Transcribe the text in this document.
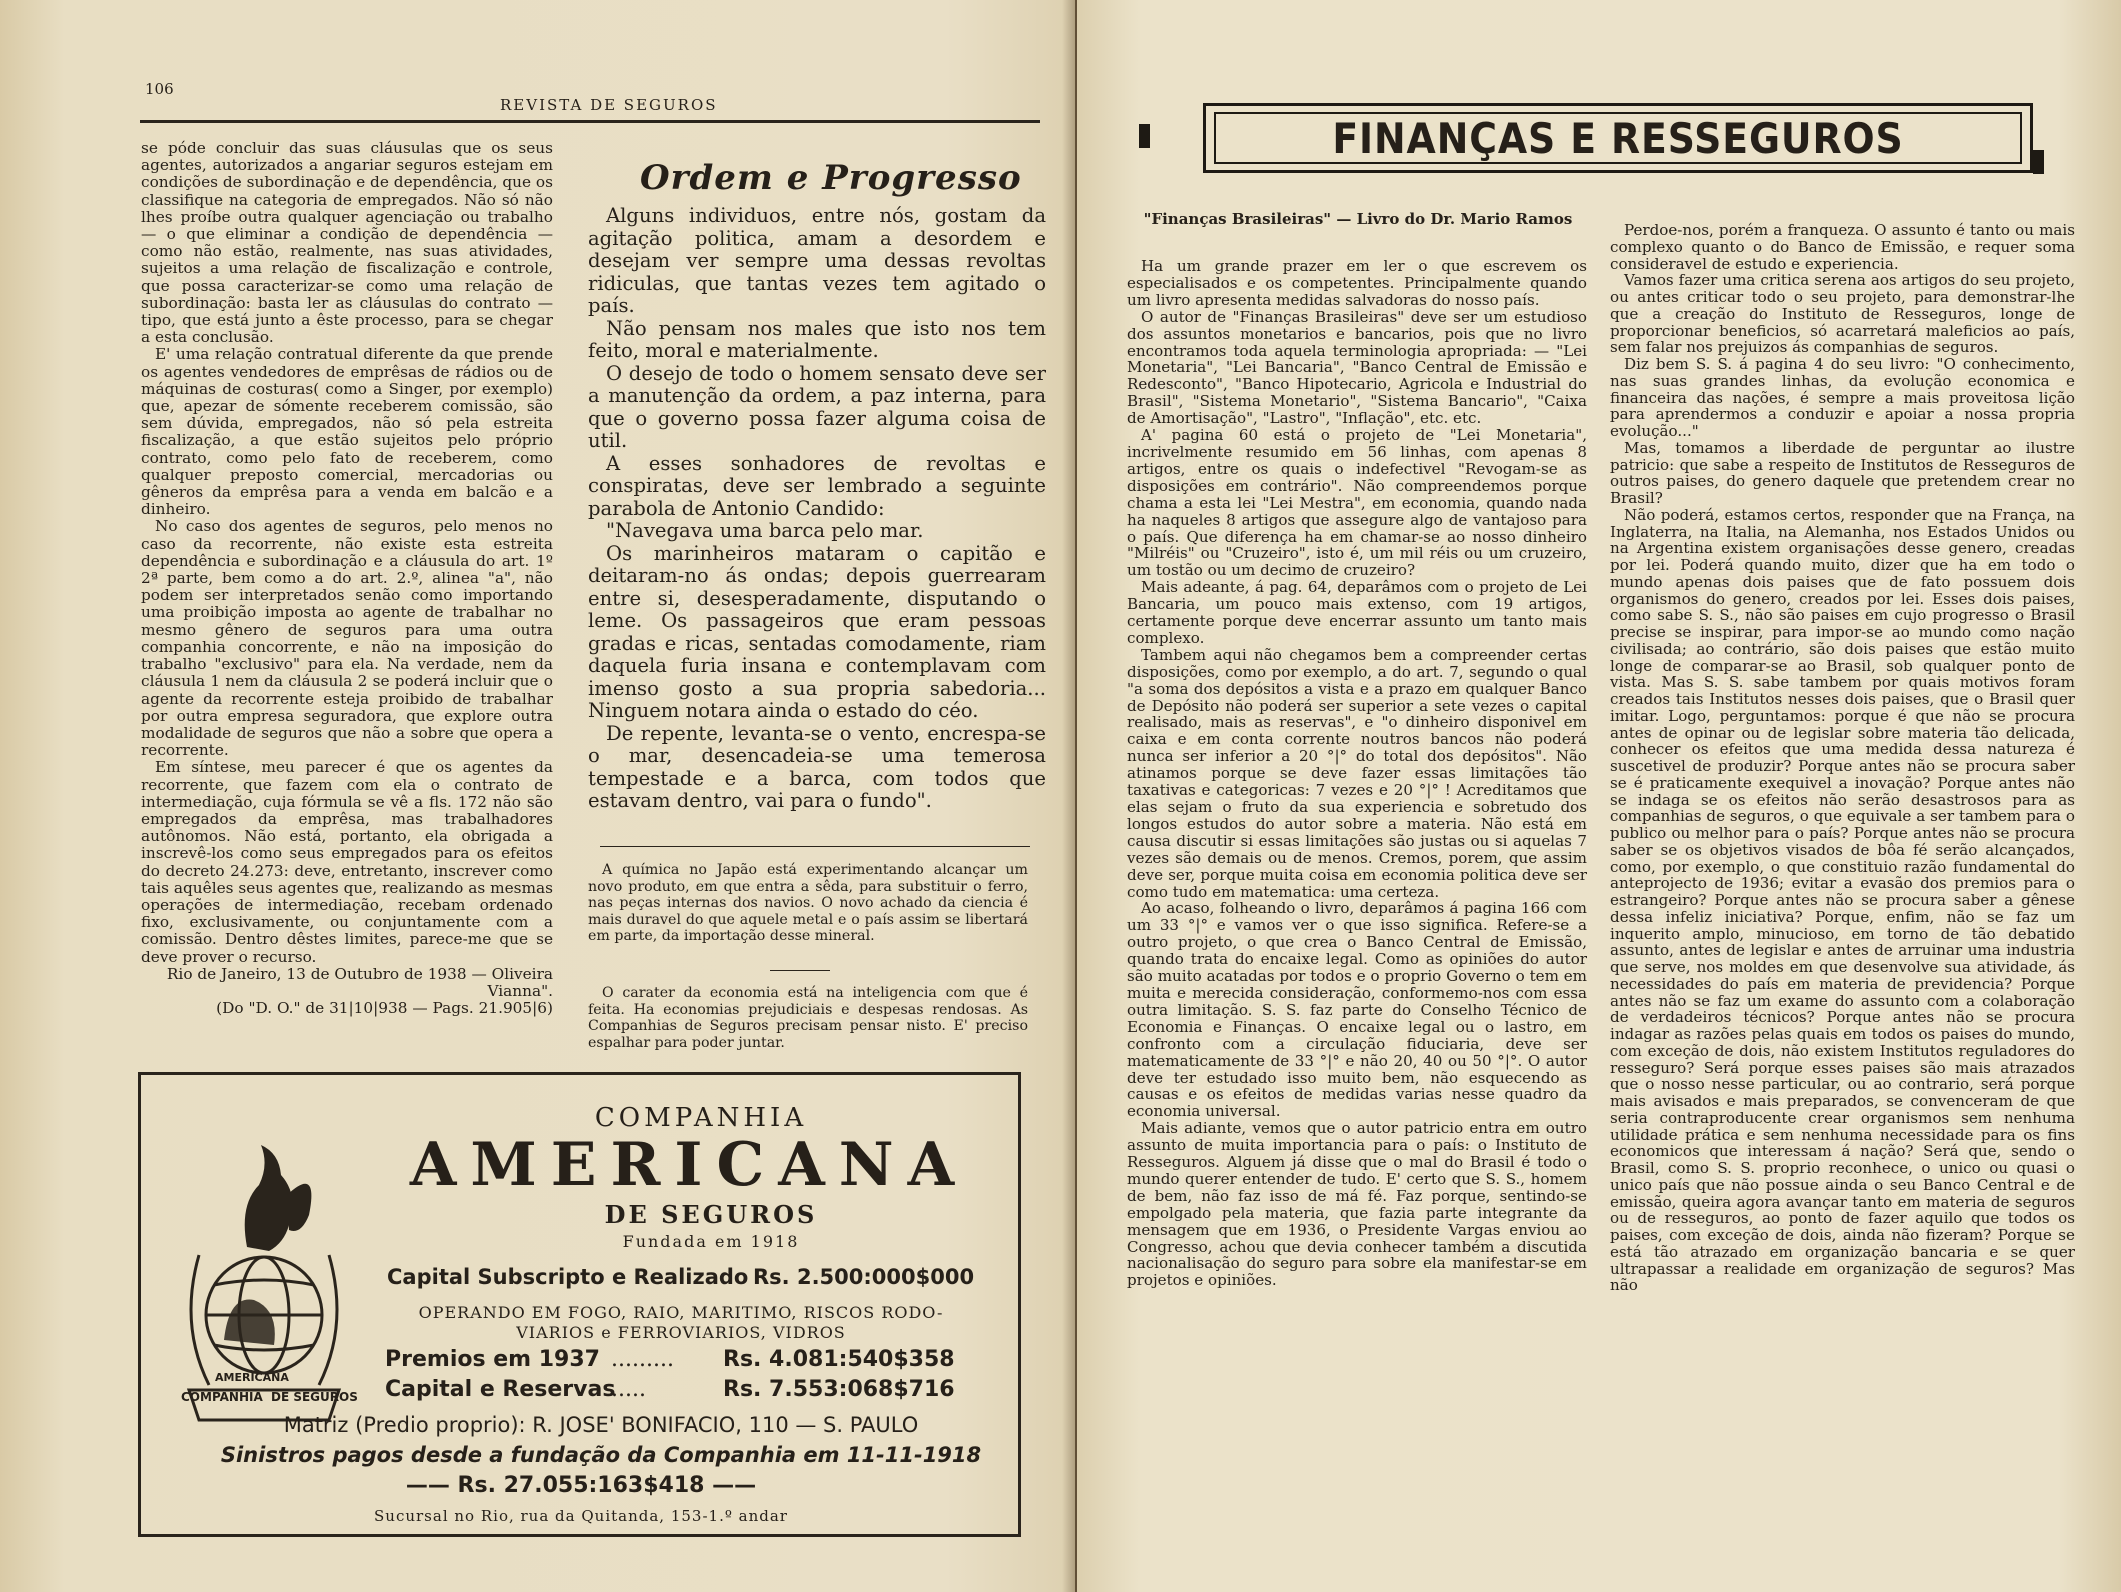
106
REVISTA DE SEGUROS

se póde concluir das suas cláusulas que os seus agentes, autorizados a angariar seguros estejam em condições de subordinação e de dependência, que os classifique na categoria de empregados. Não só não lhes proíbe outra qualquer agenciação ou trabalho — o que eliminar a condição de dependência — como não estão, realmente, nas suas atividades, sujeitos a uma relação de fiscalização e controle, que possa caracterizar-se como uma relação de subordinação: basta ler as cláusulas do contrato — tipo, que está junto a êste processo, para se chegar a esta conclusão.

E' uma relação contratual diferente da que prende os agentes vendedores de emprêsas de rádios ou de máquinas de costuras( como a Singer, por exemplo) que, apezar de sómente receberem comissão, são sem dúvida, empregados, não só pela estreita fiscalização, a que estão sujeitos pelo próprio contrato, como pelo fato de receberem, como qualquer preposto comercial, mercadorias ou gêneros da emprêsa para a venda em balcão e a dinheiro.

No caso dos agentes de seguros, pelo menos no caso da recorrente, não existe esta estreita dependência e subordinação e a cláusula do art. 1º 2ª parte, bem como a do art. 2.º, alinea "a", não podem ser interpretados senão como importando uma proibição imposta ao agente de trabalhar no mesmo gênero de seguros para uma outra companhia concorrente, e não na imposição do trabalho "exclusivo" para ela. Na verdade, nem da cláusula 1 nem da cláusula 2 se poderá incluir que o agente da recorrente esteja proibido de trabalhar por outra empresa seguradora, que explore outra modalidade de seguros que não a sobre que opera a recorrente.

Em síntese, meu parecer é que os agentes da recorrente, que fazem com ela o contrato de intermediação, cuja fórmula se vê a fls. 172 não são empregados da emprêsa, mas trabalhadores autônomos. Não está, portanto, ela obrigada a inscrevê-los como seus empregados para os efeitos do decreto 24.273: deve, entretanto, inscrever como tais aquêles seus agentes que, realizando as mesmas operações de intermediação, recebam ordenado fixo, exclusivamente, ou conjuntamente com a comissão. Dentro dêstes limites, parece-me que se deve prover o recurso.

Rio de Janeiro, 13 de Outubro de 1938 — Oliveira Vianna".

(Do "D. O." de 31|10|938 — Pags. 21.905|6)

Ordem e Progresso

Alguns individuos, entre nós, gostam da agitação politica, amam a desordem e desejam ver sempre uma dessas revoltas ridiculas, que tantas vezes tem agitado o país.

Não pensam nos males que isto nos tem feito, moral e materialmente.

O desejo de todo o homem sensato deve ser a manutenção da ordem, a paz interna, para que o governo possa fazer alguma coisa de util.

A esses sonhadores de revoltas e conspiratas, deve ser lembrado a seguinte parabola de Antonio Candido:

"Navegava uma barca pelo mar.

Os marinheiros mataram o capitão e deitaram-no ás ondas; depois guerrearam entre si, desesperadamente, disputando o leme. Os passageiros que eram pessoas gradas e ricas, sentadas comodamente, riam daquela furia insana e contemplavam com imenso gosto a sua propria sabedoria... Ninguem notara ainda o estado do céo.

De repente, levanta-se o vento, encrespa-se o mar, desencadeia-se uma temerosa tempestade e a barca, com todos que estavam dentro, vai para o fundo".

A química no Japão está experimentando alcançar um novo produto, em que entra a sêda, para substituir o ferro, nas peças internas dos navios. O novo achado da ciencia é mais duravel do que aquele metal e o país assim se libertará em parte, da importação desse mineral.

O carater da economia está na inteligencia com que é feita. Ha economias prejudiciais e despesas rendosas. As Companhias de Seguros precisam pensar nisto. E' preciso espalhar para poder juntar.

COMPANHIA DE SEGUROS
AMERICANA
COMPANHIA
AMERICANA
DE SEGUROS
Fundada em 1918
Capital Subscripto e Realizado Rs. 2.500:000$000
OPERANDO EM FOGO, RAIO, MARITIMO, RISCOS RODO-
VIARIOS e FERROVIARIOS, VIDROS
Premios em 1937 ......... Rs. 4.081:540$358
Capital e Reservas
.....	Rs. 7.553:068$716
Matriz (Predio proprio): R. JOSE' BONIFACIO, 110 — S. PAULO
Sinistros pagos desde a fundação da Companhia em 11-11-1918
—— Rs. 27.055:163$418 ——
Sucursal no Rio, rua da Quitanda, 153-1.º andar
FINANÇAS E RESSEGUROS
"Finanças Brasileiras" — Livro do Dr. Mario Ramos

Ha um grande prazer em ler o que escrevem os especialisados e os competentes. Principalmente quando um livro apresenta medidas salvadoras do nosso país.

O autor de "Finanças Brasileiras" deve ser um estudioso dos assuntos monetarios e bancarios, pois que no livro encontramos toda aquela terminologia apropriada: — "Lei Monetaria", "Lei Bancaria", "Banco Central de Emissão e Redesconto", "Banco Hipotecario, Agricola e Industrial do Brasil", "Sistema Monetario", "Sistema Bancario", "Caixa de Amortisação", "Lastro", "Inflação", etc. etc.

A' pagina 60 está o projeto de "Lei Monetaria", incrivelmente resumido em 56 linhas, com apenas 8 artigos, entre os quais o indefectivel "Revogam-se as disposições em contrário". Não compreendemos porque chama a esta lei "Lei Mestra", em economia, quando nada ha naqueles 8 artigos que assegure algo de vantajoso para o país. Que diferença ha em chamar-se ao nosso dinheiro "Milréis" ou "Cruzeiro", isto é, um mil réis ou um cruzeiro, um tostão ou um decimo de cruzeiro?

Mais adeante, á pag. 64, deparâmos com o projeto de Lei Bancaria, um pouco mais extenso, com 19 artigos, certamente porque deve encerrar assunto um tanto mais complexo.

Tambem aqui não chegamos bem a compreender certas disposições, como por exemplo, a do art. 7, segundo o qual "a soma dos depósitos a vista e a prazo em qualquer Banco de Depósito não poderá ser superior a sete vezes o capital realisado, mais as reservas", e "o dinheiro disponivel em caixa e em conta corrente noutros bancos não poderá nunca ser inferior a 20 °|° do total dos depósitos". Não atinamos porque se deve fazer essas limitações tão taxativas e categoricas: 7 vezes e 20 °|° ! Acreditamos que elas sejam o fruto da sua experiencia e sobretudo dos longos estudos do autor sobre a materia. Não está em causa discutir si essas limitações são justas ou si aquelas 7 vezes são demais ou de menos. Cremos, porem, que assim deve ser, porque muita coisa em economia politica deve ser como tudo em matematica: uma certeza.

Ao acaso, folheando o livro, deparâmos á pagina 166 com um 33 °|° e vamos ver o que isso significa. Refere-se a outro projeto, o que crea o Banco Central de Emissão, quando trata do encaixe legal. Como as opiniões do autor são muito acatadas por todos e o proprio Governo o tem em muita e merecida consideração, conformemo-nos com essa outra limitação. S. S. faz parte do Conselho Técnico de Economia e Finanças. O encaixe legal ou o lastro, em confronto com a circulação fiduciaria, deve ser matematicamente de 33 °|° e não 20, 40 ou 50 °|°. O autor deve ter estudado isso muito bem, não esquecendo as causas e os efeitos de medidas varias nesse quadro da economia universal.

Mais adiante, vemos que o autor patricio entra em outro assunto de muita importancia para o país: o Instituto de Resseguros. Alguem já disse que o mal do Brasil é todo o mundo querer entender de tudo. E' certo que S. S., homem de bem, não faz isso de má fé. Faz porque, sentindo-se empolgado pela materia, que fazia parte integrante da mensagem que em 1936, o Presidente Vargas enviou ao Congresso, achou que devia conhecer também a discutida nacionalisação do seguro para sobre ela manifestar-se em projetos e opiniões.

Perdoe-nos, porém a franqueza. O assunto é tanto ou mais complexo quanto o do Banco de Emissão, e requer soma consideravel de estudo e experiencia.

Vamos fazer uma critica serena aos artigos do seu projeto, ou antes criticar todo o seu projeto, para demonstrar-lhe que a creação do Instituto de Resseguros, longe de proporcionar beneficios, só acarretará maleficios ao país, sem falar nos prejuizos ás companhias de seguros.

Diz bem S. S. á pagina 4 do seu livro: "O conhecimento, nas suas grandes linhas, da evolução economica e financeira das nações, é sempre a mais proveitosa lição para aprendermos a conduzir e apoiar a nossa propria evolução..."

Mas, tomamos a liberdade de perguntar ao ilustre patricio: que sabe a respeito de Institutos de Resseguros de outros paises, do genero daquele que pretendem crear no Brasil?

Não poderá, estamos certos, responder que na França, na Inglaterra, na Italia, na Alemanha, nos Estados Unidos ou na Argentina existem organisações desse genero, creadas por lei. Poderá quando muito, dizer que ha em todo o mundo apenas dois paises que de fato possuem dois organismos do genero, creados por lei. Esses dois paises, como sabe S. S., não são paises em cujo progresso o Brasil precise se inspirar, para impor-se ao mundo como nação civilisada; ao contrário, são dois paises que estão muito longe de comparar-se ao Brasil, sob qualquer ponto de vista. Mas S. S. sabe tambem por quais motivos foram creados tais Institutos nesses dois paises, que o Brasil quer imitar. Logo, perguntamos: porque é que não se procura antes de opinar ou de legislar sobre materia tão delicada, conhecer os efeitos que uma medida dessa natureza é suscetivel de produzir? Porque antes não se procura saber se é praticamente exequivel a inovação? Porque antes não se indaga se os efeitos não serão desastrosos para as companhias de seguros, o que equivale a ser tambem para o publico ou melhor para o país? Porque antes não se procura saber se os objetivos visados de bôa fé serão alcançados, como, por exemplo, o que constituio razão fundamental do anteprojecto de 1936; evitar a evasão dos premios para o estrangeiro? Porque antes não se procura saber a gênese dessa infeliz iniciativa? Porque, enfim, não se faz um inquerito amplo, minucioso, em torno de tão debatido assunto, antes de legislar e antes de arruinar uma industria que serve, nos moldes em que desenvolve sua atividade, ás necessidades do país em materia de previdencia? Porque antes não se faz um exame do assunto com a colaboração de verdadeiros técnicos? Porque antes não se procura indagar as razões pelas quais em todos os paises do mundo, com exceção de dois, não existem Institutos reguladores do resseguro? Será porque esses paises são mais atrazados que o nosso nesse particular, ou ao contrario, será porque mais avisados e mais preparados, se convenceram de que seria contraproducente crear organismos sem nenhuma utilidade prática e sem nenhuma necessidade para os fins economicos que interessam á nação? Será que, sendo o Brasil, como S. S. proprio reconhece, o unico ou quasi o unico país que não possue ainda o seu Banco Central e de emissão, queira agora avançar tanto em materia de seguros ou de resseguros, ao ponto de fazer aquilo que todos os paises, com exceção de dois, ainda não fizeram? Porque se está tão atrazado em organização bancaria e se quer ultrapassar a realidade em organização de seguros? Mas não
